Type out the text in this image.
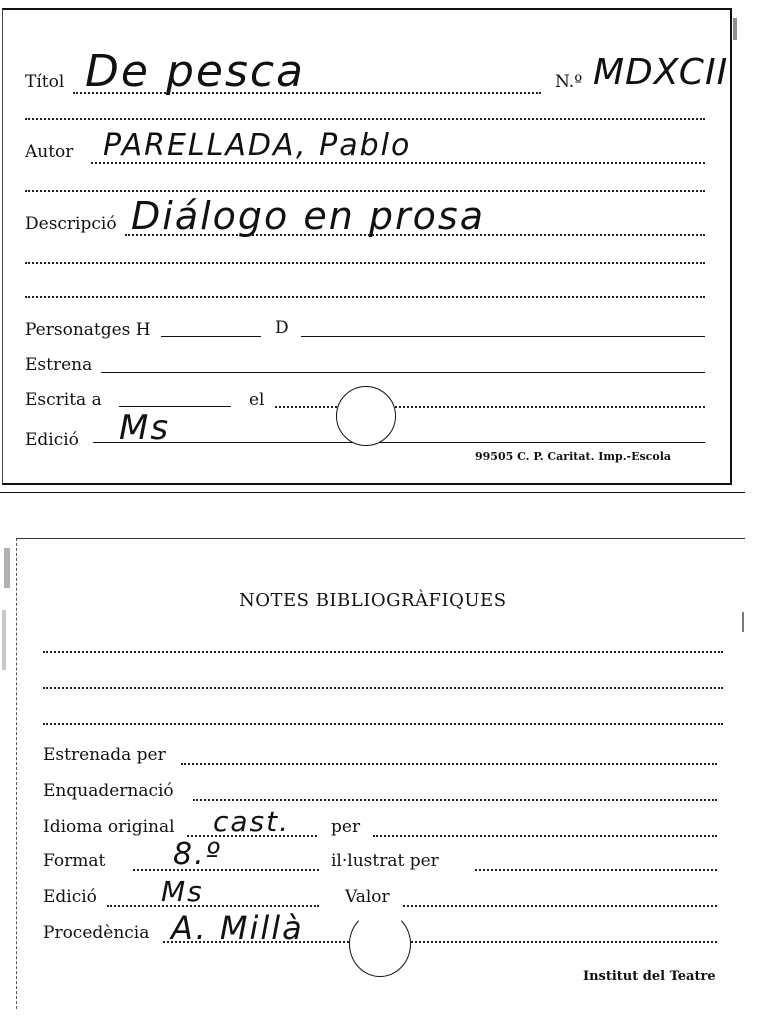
Títol De pesca	N.º MDXCII
Autor PARELLADA, Pablo
Descripció Diálogo en prosa
Personatges H	D
Estrena
Escrita a	el
Edició Ms
99505 C. P. Caritat. Imp.-Escola
NOTES BIBLIOGRÀFIQUES
Estrenada per
Enquadernació
Idioma original cast. per
Format 8.º	il·lustrat per
Edició Ms	Valor
Procedència A. Millà
Institut del Teatre
